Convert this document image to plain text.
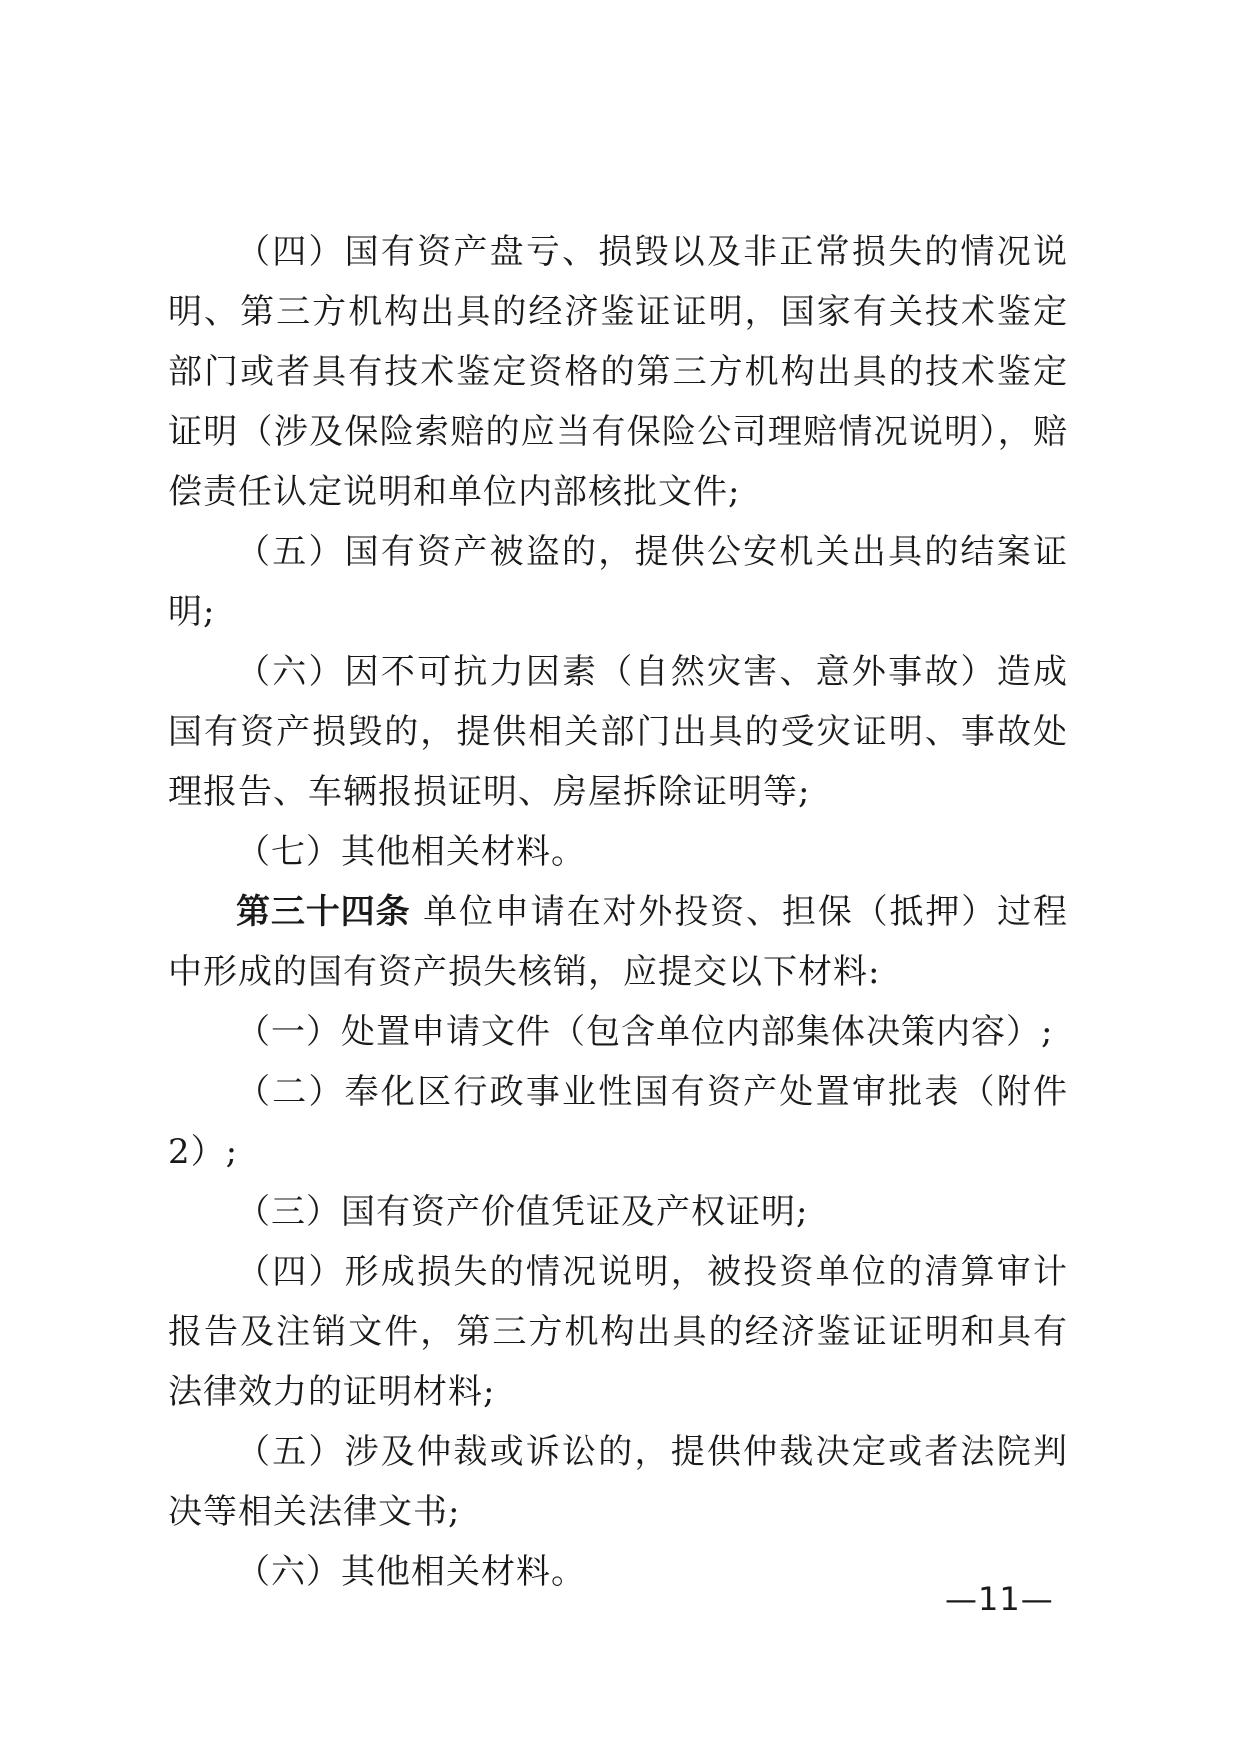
（四）国有资产盘亏、损毁以及非正常损失的情况说明、第三方机构出具的经济鉴证证明，国家有关技术鉴定部门或者具有技术鉴定资格的第三方机构出具的技术鉴定证明（涉及保险索赔的应当有保险公司理赔情况说明），赔偿责任认定说明和单位内部核批文件;

（五）国有资产被盗的，提供公安机关出具的结案证明;

（六）因不可抗力因素（自然灾害、意外事故）造成国有资产损毁的，提供相关部门出具的受灾证明、事故处理报告、车辆报损证明、房屋拆除证明等;

（七）其他相关材料。

第三十四条 单位申请在对外投资、担保（抵押）过程中形成的国有资产损失核销，应提交以下材料:

（一）处置申请文件（包含单位内部集体决策内容）;

（二）奉化区行政事业性国有资产处置审批表（附件 2）;

（三）国有资产价值凭证及产权证明;

（四）形成损失的情况说明，被投资单位的清算审计报告及注销文件，第三方机构出具的经济鉴证证明和具有法律效力的证明材料;

（五）涉及仲裁或诉讼的，提供仲裁决定或者法院判决等相关法律文书;

（六）其他相关材料。

—11—
